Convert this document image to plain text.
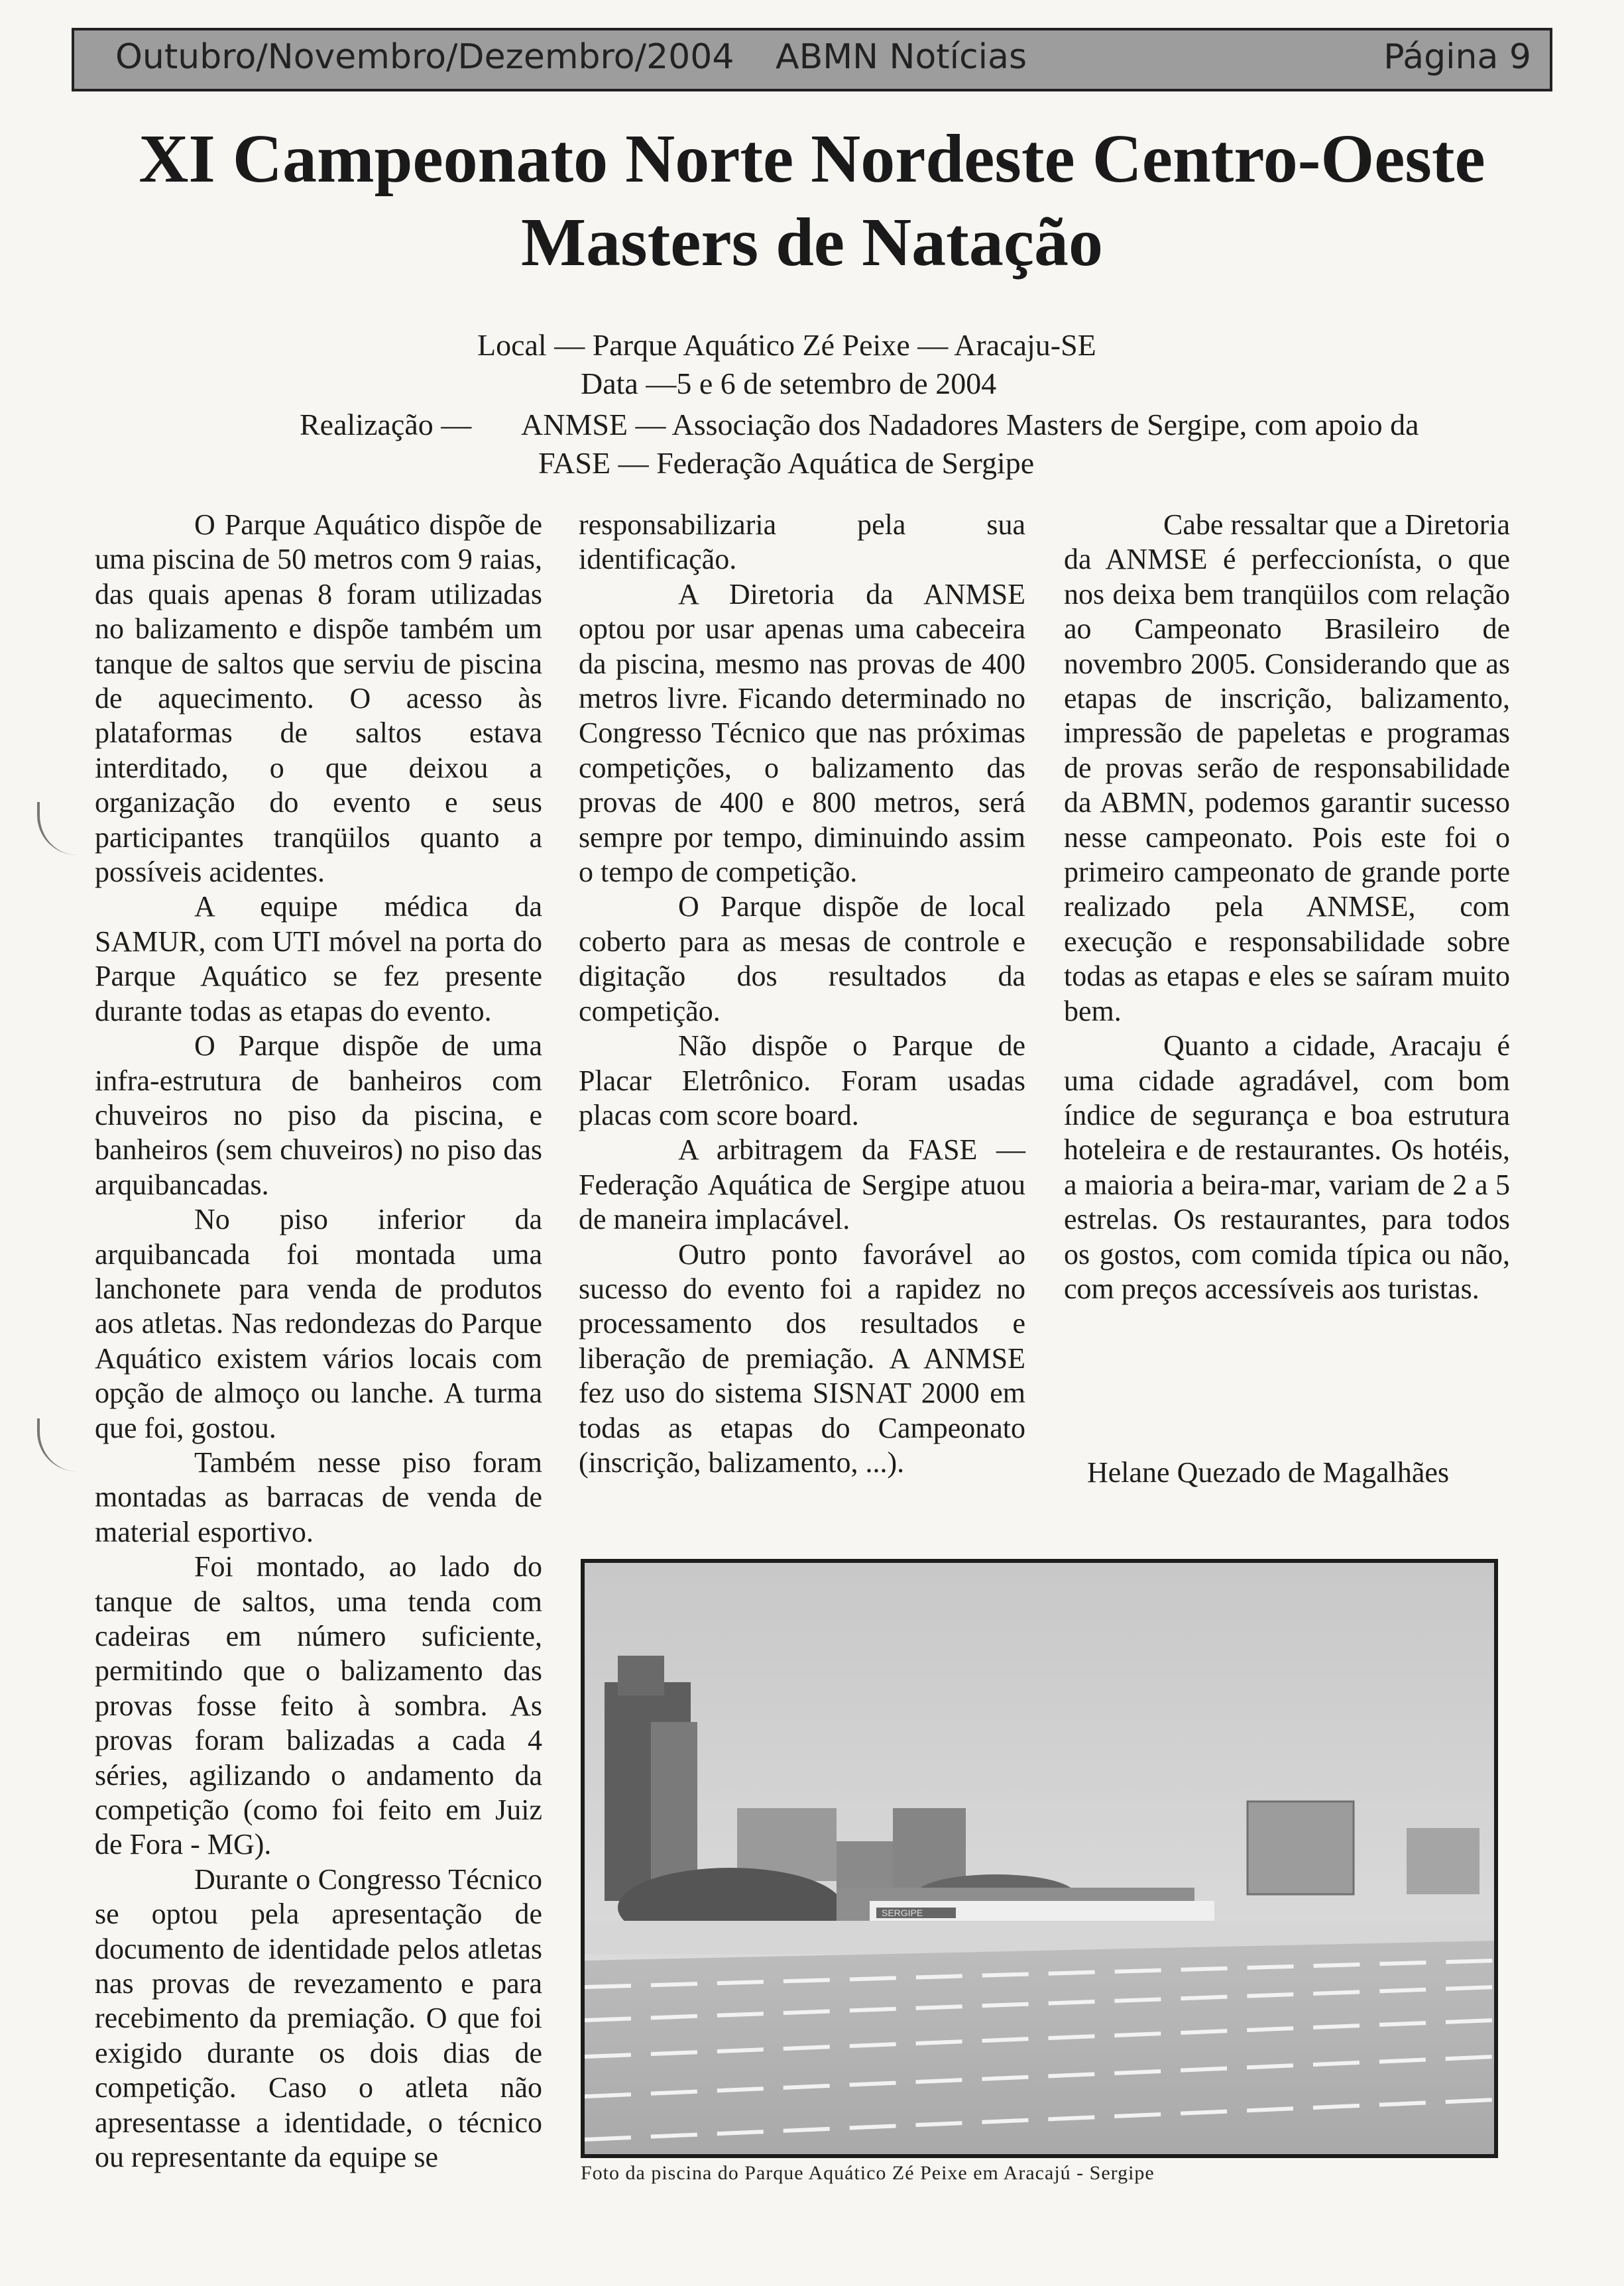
Outubro/Novembro/Dezembro/2004 ABMN Notícias	Página 9
XI Campeonato Norte Nordeste Centro-Oeste
Masters de Natação
Local — Parque Aquático Zé Peixe — Aracaju-SE
Data —5 e 6 de setembro de 2004
Realização — ANMSE — Associação dos Nadadores Masters de Sergipe, com apoio da
FASE — Federação Aquática de Sergipe

O Parque Aquático dispõe de uma piscina de 50 metros com 9 raias, das quais apenas 8 foram utilizadas no balizamento e dispõe também um tanque de saltos que serviu de piscina de aquecimento. O acesso às plataformas de saltos estava interditado, o que deixou a organização do evento e seus participantes tranqüilos quanto a possíveis acidentes.

A equipe médica da SAMUR, com UTI móvel na porta do Parque Aquático se fez presente durante todas as etapas do evento.

O Parque dispõe de uma infra-estrutura de banheiros com chuveiros no piso da piscina, e banheiros (sem chuveiros) no piso das arquibancadas.

No piso inferior da arquibancada foi montada uma lanchonete para venda de produtos aos atletas. Nas redondezas do Parque Aquático existem vários locais com opção de almoço ou lanche. A turma que foi, gostou.

Também nesse piso foram montadas as barracas de venda de material esportivo.

Foi montado, ao lado do tanque de saltos, uma tenda com cadeiras em número suficiente, permitindo que o balizamento das provas fosse feito à sombra. As provas foram balizadas a cada 4 séries, agilizando o andamento da competição (como foi feito em Juiz de Fora - MG).

Durante o Congresso Técnico se optou pela apresentação de documento de identidade pelos atletas nas provas de revezamento e para recebimento da premiação. O que foi exigido durante os dois dias de competição. Caso o atleta não apresentasse a identidade, o técnico ou representante da equipe se

responsabilizaria pela sua identificação.

A Diretoria da ANMSE optou por usar apenas uma cabeceira da piscina, mesmo nas provas de 400 metros livre. Ficando determinado no Congresso Técnico que nas próximas competições, o balizamento das provas de 400 e 800 metros, será sempre por tempo, diminuindo assim o tempo de competição.

O Parque dispõe de local coberto para as mesas de controle e digitação dos resultados da competição.

Não dispõe o Parque de Placar Eletrônico. Foram usadas placas com score board.

A arbitragem da FASE — Federação Aquática de Sergipe atuou de maneira implacável.

Outro ponto favorável ao sucesso do evento foi a rapidez no processamento dos resultados e liberação de premiação. A ANMSE fez uso do sistema SISNAT 2000 em todas as etapas do Campeonato (inscrição, balizamento, ...).

Cabe ressaltar que a Diretoria da ANMSE é perfeccionísta, o que nos deixa bem tranqüilos com relação ao Campeonato Brasileiro de novembro 2005. Considerando que as etapas de inscrição, balizamento, impressão de papeletas e programas de provas serão de responsabilidade da ABMN, podemos garantir sucesso nesse campeonato. Pois este foi o primeiro campeonato de grande porte realizado pela ANMSE, com execução e responsabilidade sobre todas as etapas e eles se saíram muito bem.

Quanto a cidade, Aracaju é uma cidade agradável, com bom índice de segurança e boa estrutura hoteleira e de restaurantes. Os hotéis, a maioria a beira-mar, variam de 2 a 5 estrelas. Os restaurantes, para todos os gostos, com comida típica ou não, com preços accessíveis aos turistas.

Helane Quezado de Magalhães
SERGIPE
Foto da piscina do Parque Aquático Zé Peixe em Aracajú - Sergipe
